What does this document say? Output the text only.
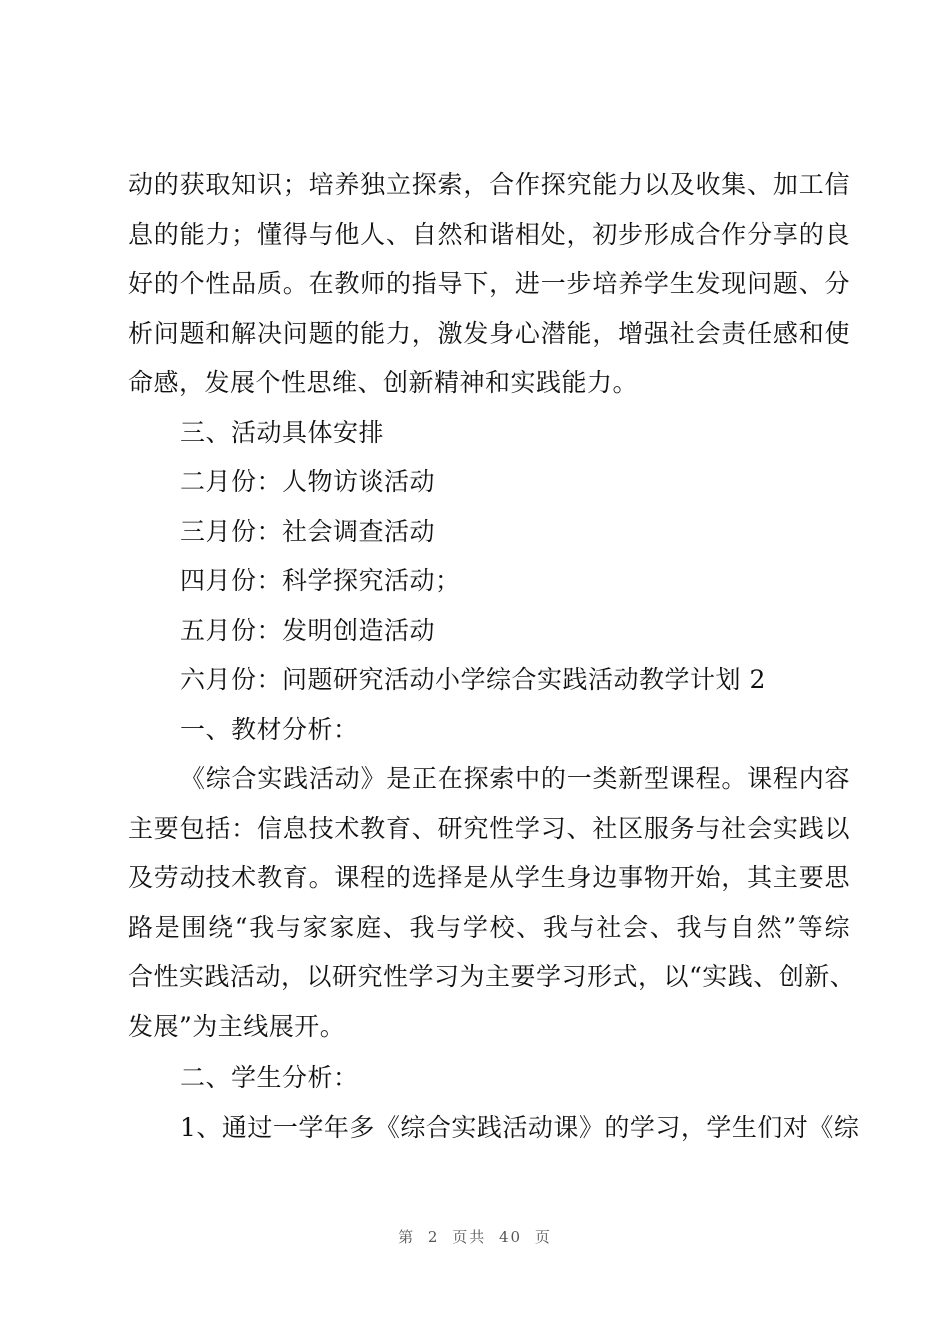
动的获取知识；培养独立探索，合作探究能力以及收集、加工信
息的能力；懂得与他人、自然和谐相处，初步形成合作分享的良
好的个性品质。在教师的指导下，进一步培养学生发现问题、分
析问题和解决问题的能力，激发身心潜能，增强社会责任感和使
命感，发展个性思维、创新精神和实践能力。
三、活动具体安排
二月份：人物访谈活动
三月份：社会调查活动
四月份：科学探究活动；
五月份：发明创造活动
六月份：问题研究活动小学综合实践活动教学计划 2
一、教材分析：
《综合实践活动》是正在探索中的一类新型课程。课程内容
主要包括：信息技术教育、研究性学习、社区服务与社会实践以
及劳动技术教育。课程的选择是从学生身边事物开始，其主要思
路是围绕“我与家家庭、我与学校、我与社会、我与自然”等综
合性实践活动，以研究性学习为主要学习形式，以“实践、创新、
发展”为主线展开。
二、学生分析：
1、通过一学年多《综合实践活动课》的学习，学生们对《综
第 2 页共 40 页
